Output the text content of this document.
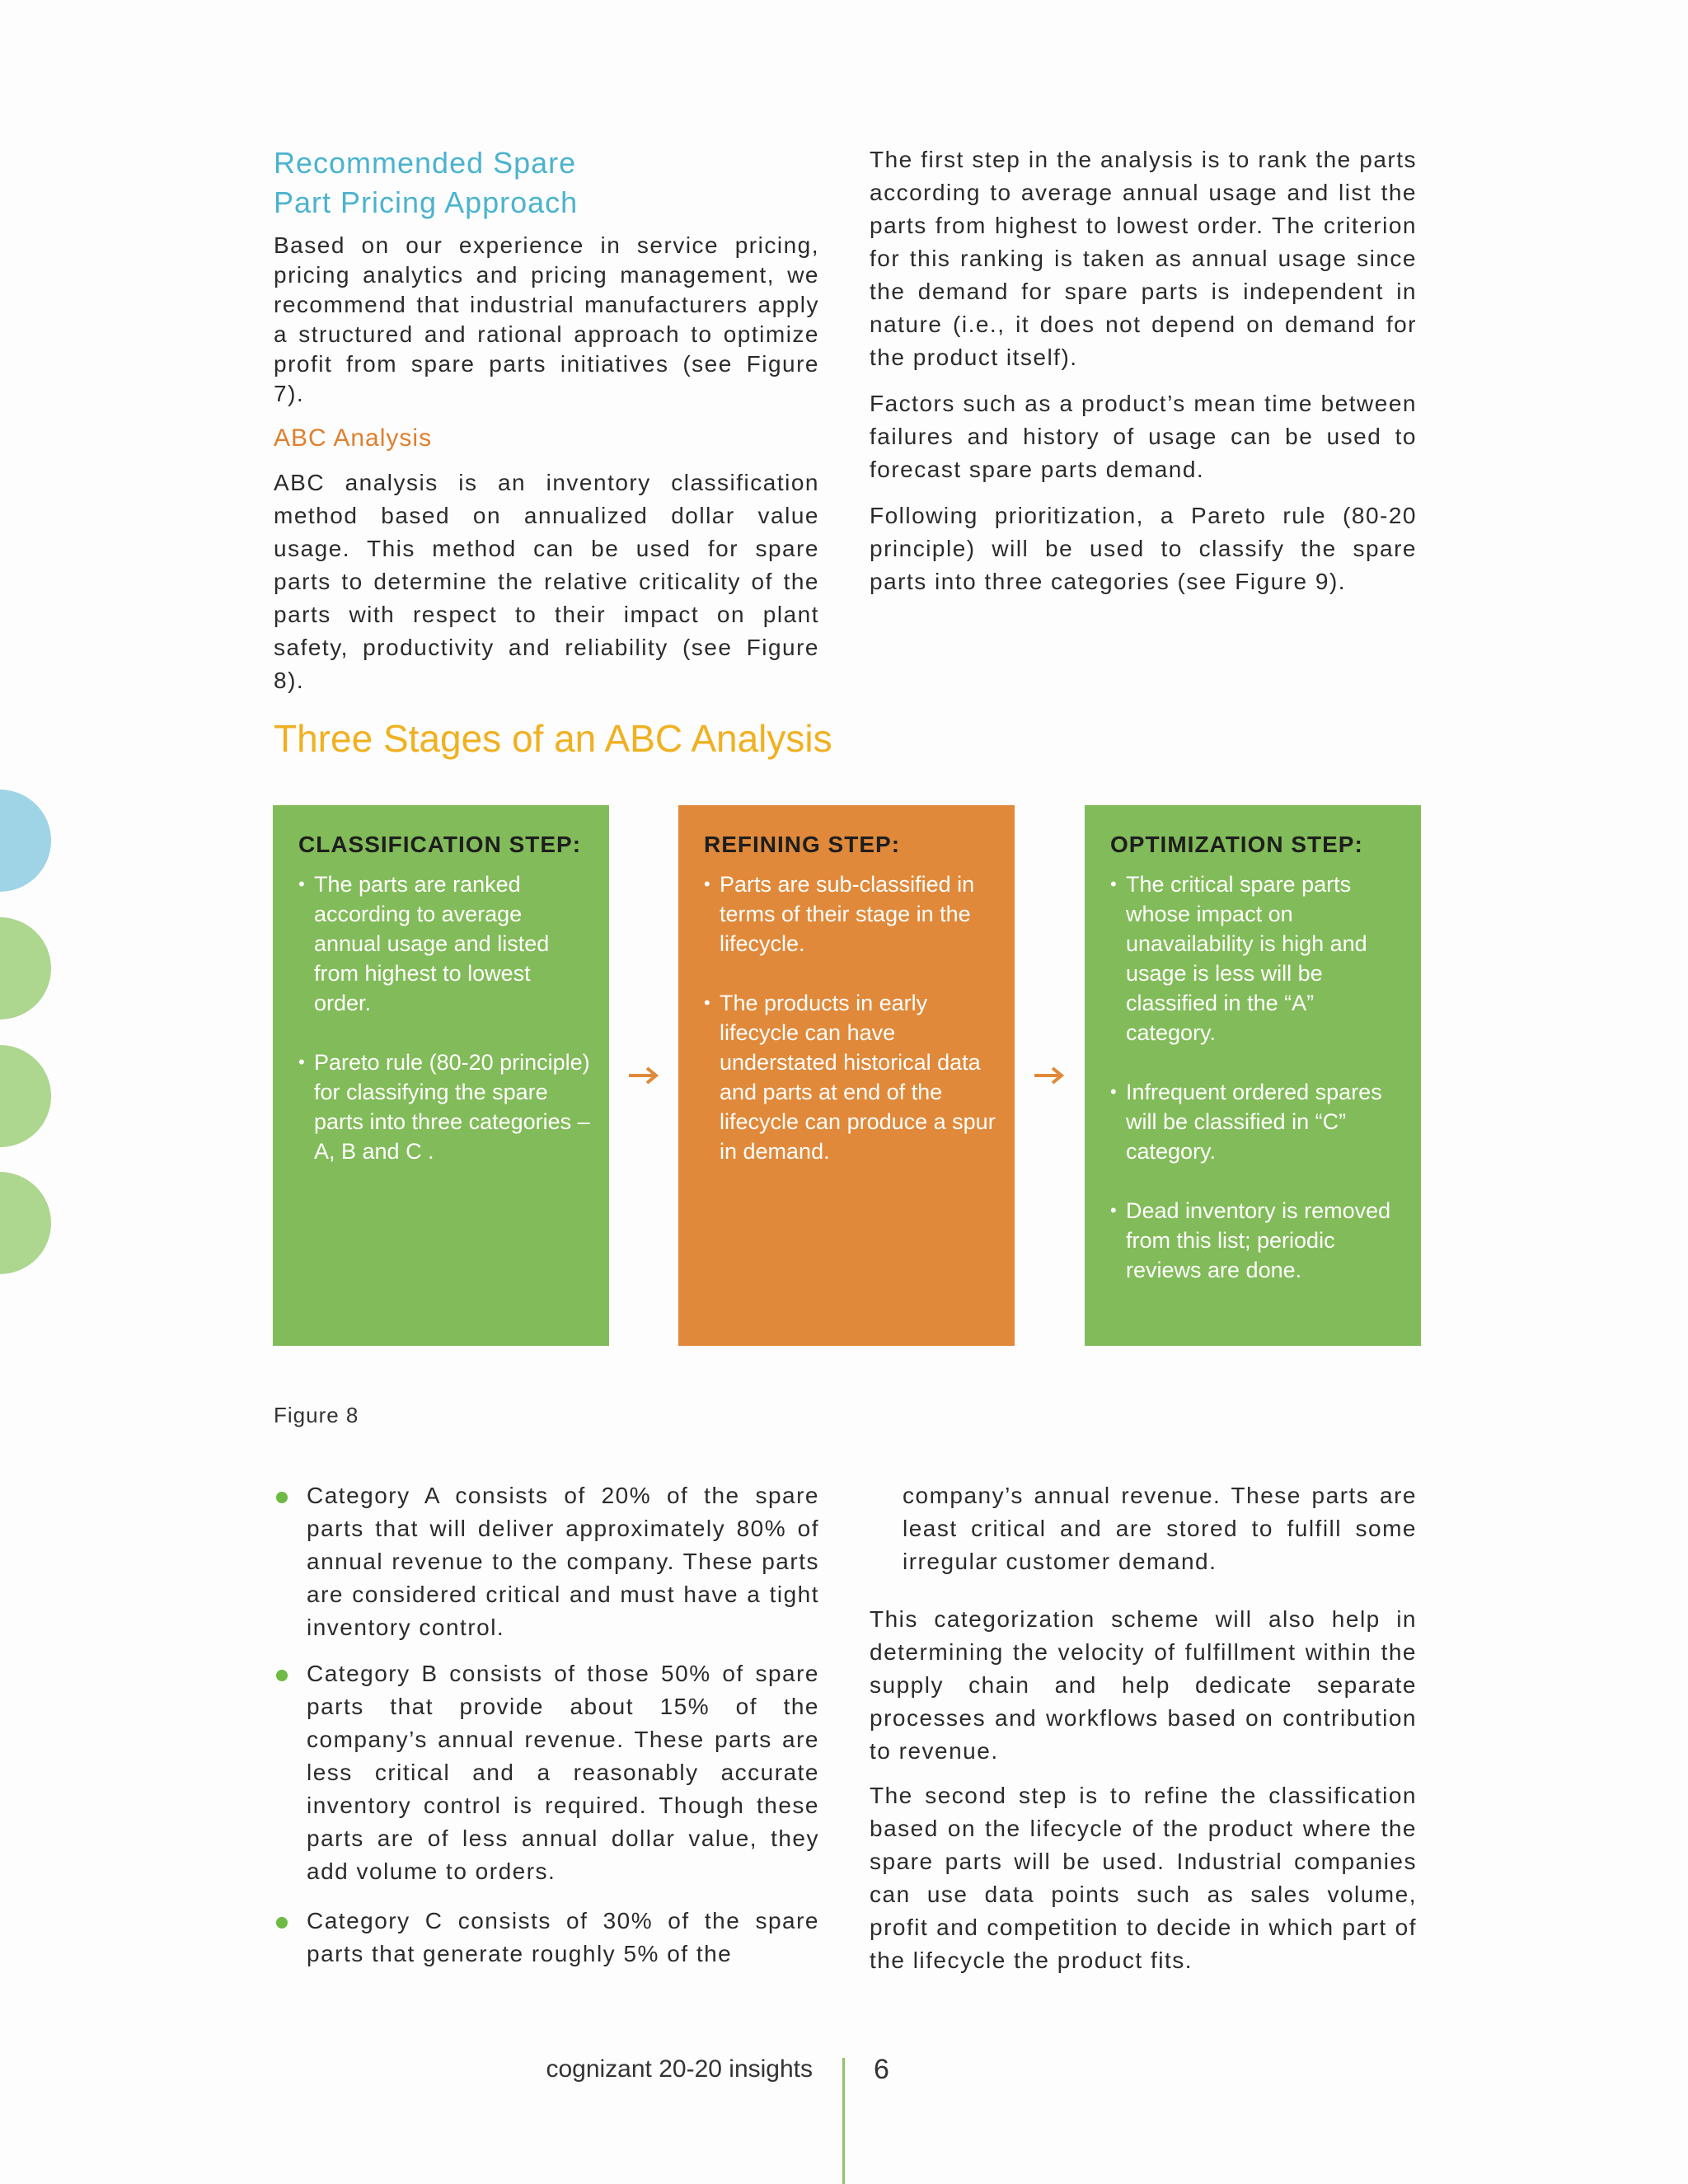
Recommended Spare
Part Pricing Approach

Based on our experience in service pricing, pricing analytics and pricing management, we recommend that industrial manufacturers apply a structured and rational approach to optimize profit from spare parts initiatives (see Figure 7).

ABC Analysis

ABC analysis is an inventory classification method based on annualized dollar value usage. This method can be used for spare parts to determine the relative criticality of the parts with respect to their impact on plant safety, productivity and reliability (see Figure 8).

The first step in the analysis is to rank the parts according to average annual usage and list the parts from highest to lowest order. The criterion for this ranking is taken as annual usage since the demand for spare parts is independent in nature (i.e., it does not depend on demand for the product itself).

Factors such as a product’s mean time between failures and history of usage can be used to forecast spare parts demand.

Following prioritization, a Pareto rule (80-20 principle) will be used to classify the spare parts into three categories (see Figure 9).

Three Stages of an ABC Analysis
CLASSIFICATION STEP:
• The parts are ranked according to average annual usage and listed from highest to lowest order.
• Pareto rule (80-20 principle) for classifying the spare parts into three categories – A, B and C .
REFINING STEP:
• Parts are sub-classified in terms of their stage in the lifecycle.
• The products in early lifecycle can have understated historical data and parts at end of the lifecycle can produce a spur in demand.
OPTIMIZATION STEP:
• The critical spare parts whose impact on unavailability is high and usage is less will be classified in the “A” category.
• Infrequent ordered spares will be classified in “C” category.
• Dead inventory is removed from this list; periodic reviews are done.
Figure 8
Category A consists of 20% of the spare parts that will deliver approximately 80% of annual revenue to the company. These parts are considered critical and must have a tight inventory control.
Category B consists of those 50% of spare parts that provide about 15% of the company’s annual revenue. These parts are less critical and a reasonably accurate inventory control is required. Though these parts are of less annual dollar value, they add volume to orders.
Category C consists of 30% of the spare parts that generate roughly 5% of the

company’s annual revenue. These parts are least critical and are stored to fulfill some irregular customer demand.

This categorization scheme will also help in determining the velocity of fulfillment within the supply chain and help dedicate separate processes and workflows based on contribution to revenue.

The second step is to refine the classification based on the lifecycle of the product where the spare parts will be used. Industrial companies can use data points such as sales volume, profit and competition to decide in which part of the lifecycle the product fits.

cognizant 20-20 insights 6
